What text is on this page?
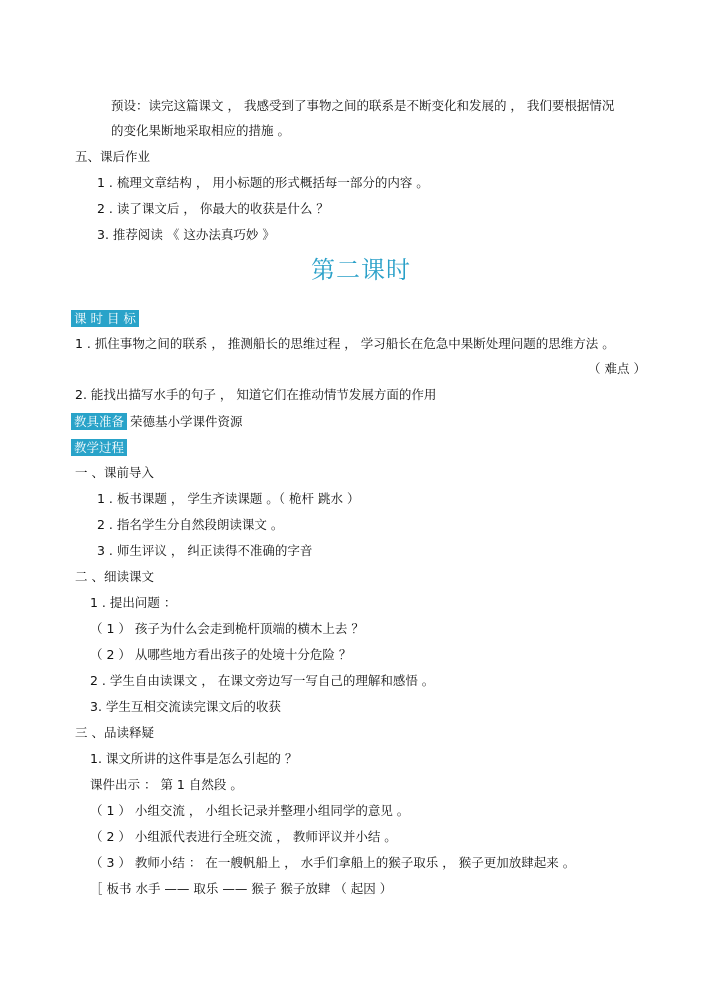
预设：读完这篇课文 ， 我感受到了事物之间的联系是不断变化和发展的 ， 我们要根据情况
的变化果断地采取相应的措施 。
五、课后作业
1 . 梳理文章结构 ， 用小标题的形式概括每一部分的内容 。
2 . 读了课文后 ， 你最大的收获是什么 ？
3. 推荐阅读 《 这办法真巧妙 》
第二课时
课 时 目 标
1 . 抓住事物之间的联系 ， 推测船长的思维过程 ， 学习船长在危急中果断处理问题的思维方法 。
（ 难点 ）
2. 能找出描写水手的句子 ， 知道它们在推动情节发展方面的作用
教具准备 荣德基小学课件资源
教学过程
一 、课前导入
1 . 板书课题 ， 学生齐读课题 。（ 桅杆 跳水 ）
2 . 指名学生分自然段朗读课文 。
3 . 师生评议 ， 纠正读得不准确的字音
二 、细读课文
1 . 提出问题 ：
（ 1 ） 孩子为什么会走到桅杆顶端的横木上去 ？
（ 2 ） 从哪些地方看出孩子的处境十分危险 ？
2 . 学生自由读课文 ， 在课文旁边写一写自己的理解和感悟 。
3. 学生互相交流读完课文后的收获
三 、品读释疑
1. 课文所讲的这件事是怎么引起的 ？
课件出示 ： 第 1 自然段 。
（ 1 ） 小组交流 ， 小组长记录并整理小组同学的意见 。
（ 2 ） 小组派代表进行全班交流 ， 教师评议并小结 。
（ 3 ） 教师小结 ： 在一艘帆船上 ， 水手们拿船上的猴子取乐 ， 猴子更加放肆起来 。
［ 板书 水手 —— 取乐 —— 猴子 猴子放肆 （ 起因 ）
